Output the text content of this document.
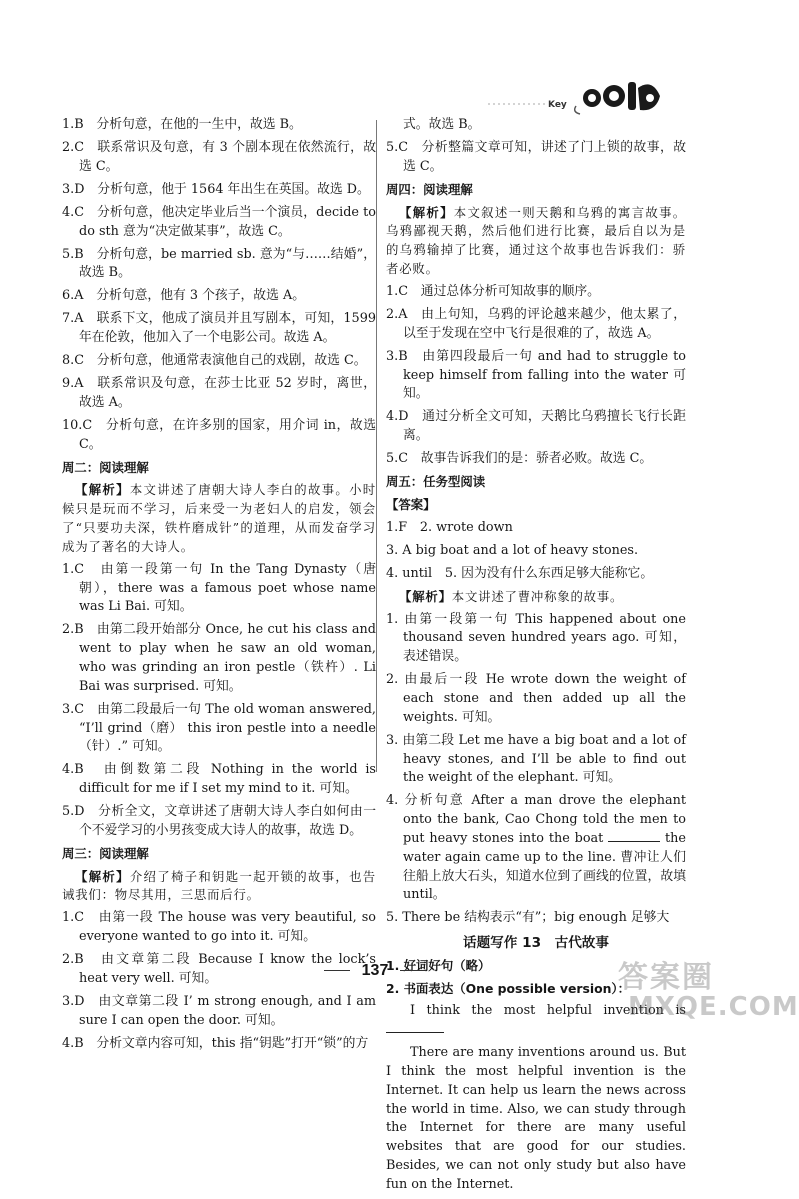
Key
1.B　分析句意，在他的一生中，故选 B。
2.C　联系常识及句意，有 3 个剧本现在依然流行，故选 C。
3.D　分析句意，他于 1564 年出生在英国。故选 D。
4.C　分析句意，他决定毕业后当一个演员，decide to do sth 意为“决定做某事”，故选 C。
5.B　分析句意，be married sb. 意为“与……结婚”，故选 B。
6.A　分析句意，他有 3 个孩子，故选 A。
7.A　联系下文，他成了演员并且写剧本，可知，1599 年在伦敦，他加入了一个电影公司。故选 A。
8.C　分析句意，他通常表演他自己的戏剧，故选 C。
9.A　联系常识及句意，在莎士比亚 52 岁时，离世，故选 A。
10.C　分析句意，在许多别的国家，用介词 in，故选 C。
周二：阅读理解
【解析】本文讲述了唐朝大诗人李白的故事。小时候只是玩而不学习，后来受一为老妇人的启发，领会了“只要功夫深，铁杵磨成针”的道理，从而发奋学习成为了著名的大诗人。
1.C　由第一段第一句 In the Tang Dynasty（唐朝），there was a famous poet whose name was Li Bai. 可知。
2.B　由第二段开始部分 Once, he cut his class and went to play when he saw an old woman, who was grinding an iron pestle（铁杵）. Li Bai was surprised. 可知。
3.C　由第二段最后一句 The old woman answered, “I’ll grind（磨） this iron pestle into a needle（针）.” 可知。
4.B　由倒数第二段 Nothing in the world is difficult for me if I set my mind to it. 可知。
5.D　分析全文，文章讲述了唐朝大诗人李白如何由一个不爱学习的小男孩变成大诗人的故事，故选 D。
周三：阅读理解
【解析】介绍了椅子和钥匙一起开锁的故事，也告诫我们：物尽其用，三思而后行。
1.C　由第一段 The house was very beautiful, so everyone wanted to go into it. 可知。
2.B　由文章第二段 Because I know the lock’s heat very well. 可知。
3.D　由文章第二段 I’ m strong enough, and I am sure I can open the door. 可知。
4.B　分析文章内容可知，this 指“钥匙”打开“锁”的方
式。故选 B。
5.C　分析整篇文章可知，讲述了门上锁的故事，故选 C。
周四：阅读理解
【解析】本文叙述一则天鹅和乌鸦的寓言故事。乌鸦鄙视天鹅，然后他们进行比赛，最后自以为是的乌鸦输掉了比赛，通过这个故事也告诉我们：骄者必败。
1.C　通过总体分析可知故事的顺序。
2.A　由上句知，乌鸦的评论越来越少，他太累了，以至于发现在空中飞行是很难的了，故选 A。
3.B　由第四段最后一句 and had to struggle to keep himself from falling into the water 可知。
4.D　通过分析全文可知，天鹅比乌鸦擅长飞行长距离。
5.C　故事告诉我们的是：骄者必败。故选 C。
周五：任务型阅读
【答案】
1.F　2. wrote down
3. A big boat and a lot of heavy stones.
4. until　5. 因为没有什么东西足够大能称它。
【解析】本文讲述了曹冲称象的故事。
1. 由第一段第一句 This happened about one thousand seven hundred years ago. 可知，表述错误。
2. 由最后一段 He wrote down the weight of each stone and then added up all the weights. 可知。
3. 由第二段 Let me have a big boat and a lot of heavy stones, and I’ll be able to find out the weight of the elephant. 可知。
4. 分析句意 After a man drove the elephant onto the bank, Cao Chong told the men to put heavy stones into the boat	the water again came up to the line. 曹冲让人们往船上放大石头，知道水位到了画线的位置，故填 until。
5. There be 结构表示“有”；big enough 足够大
话题写作 13　古代故事
1. 好词好句（略）
2. 书面表达（One possible version）：
I think the most helpful invention is
There are many inventions around us. But I think the most helpful invention is the Internet. It can help us learn the news across the world in time. Also, we can study through the Internet for there are many useful websites that are good for our studies. Besides, we can not only study but also have fun on the Internet.
137	答案圈
MXQE.COM
